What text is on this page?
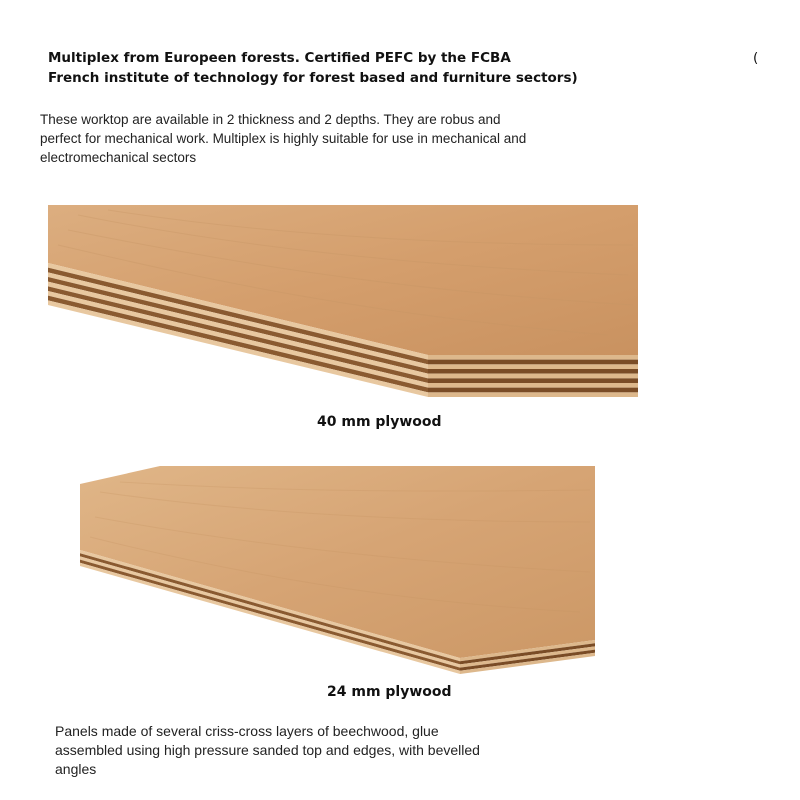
Multiplex from Europeen forests. Certified PEFC by the FCBA	(
French institute of technology for forest based and furniture sectors)
These worktop are available in 2 thickness and 2 depths. They are robus and
perfect for mechanical work. Multiplex is highly suitable for use in mechanical and
electromechanical sectors
40 mm plywood
24 mm plywood
Panels made of several criss-cross layers of beechwood, glue
assembled using high pressure sanded top and edges, with bevelled
angles
